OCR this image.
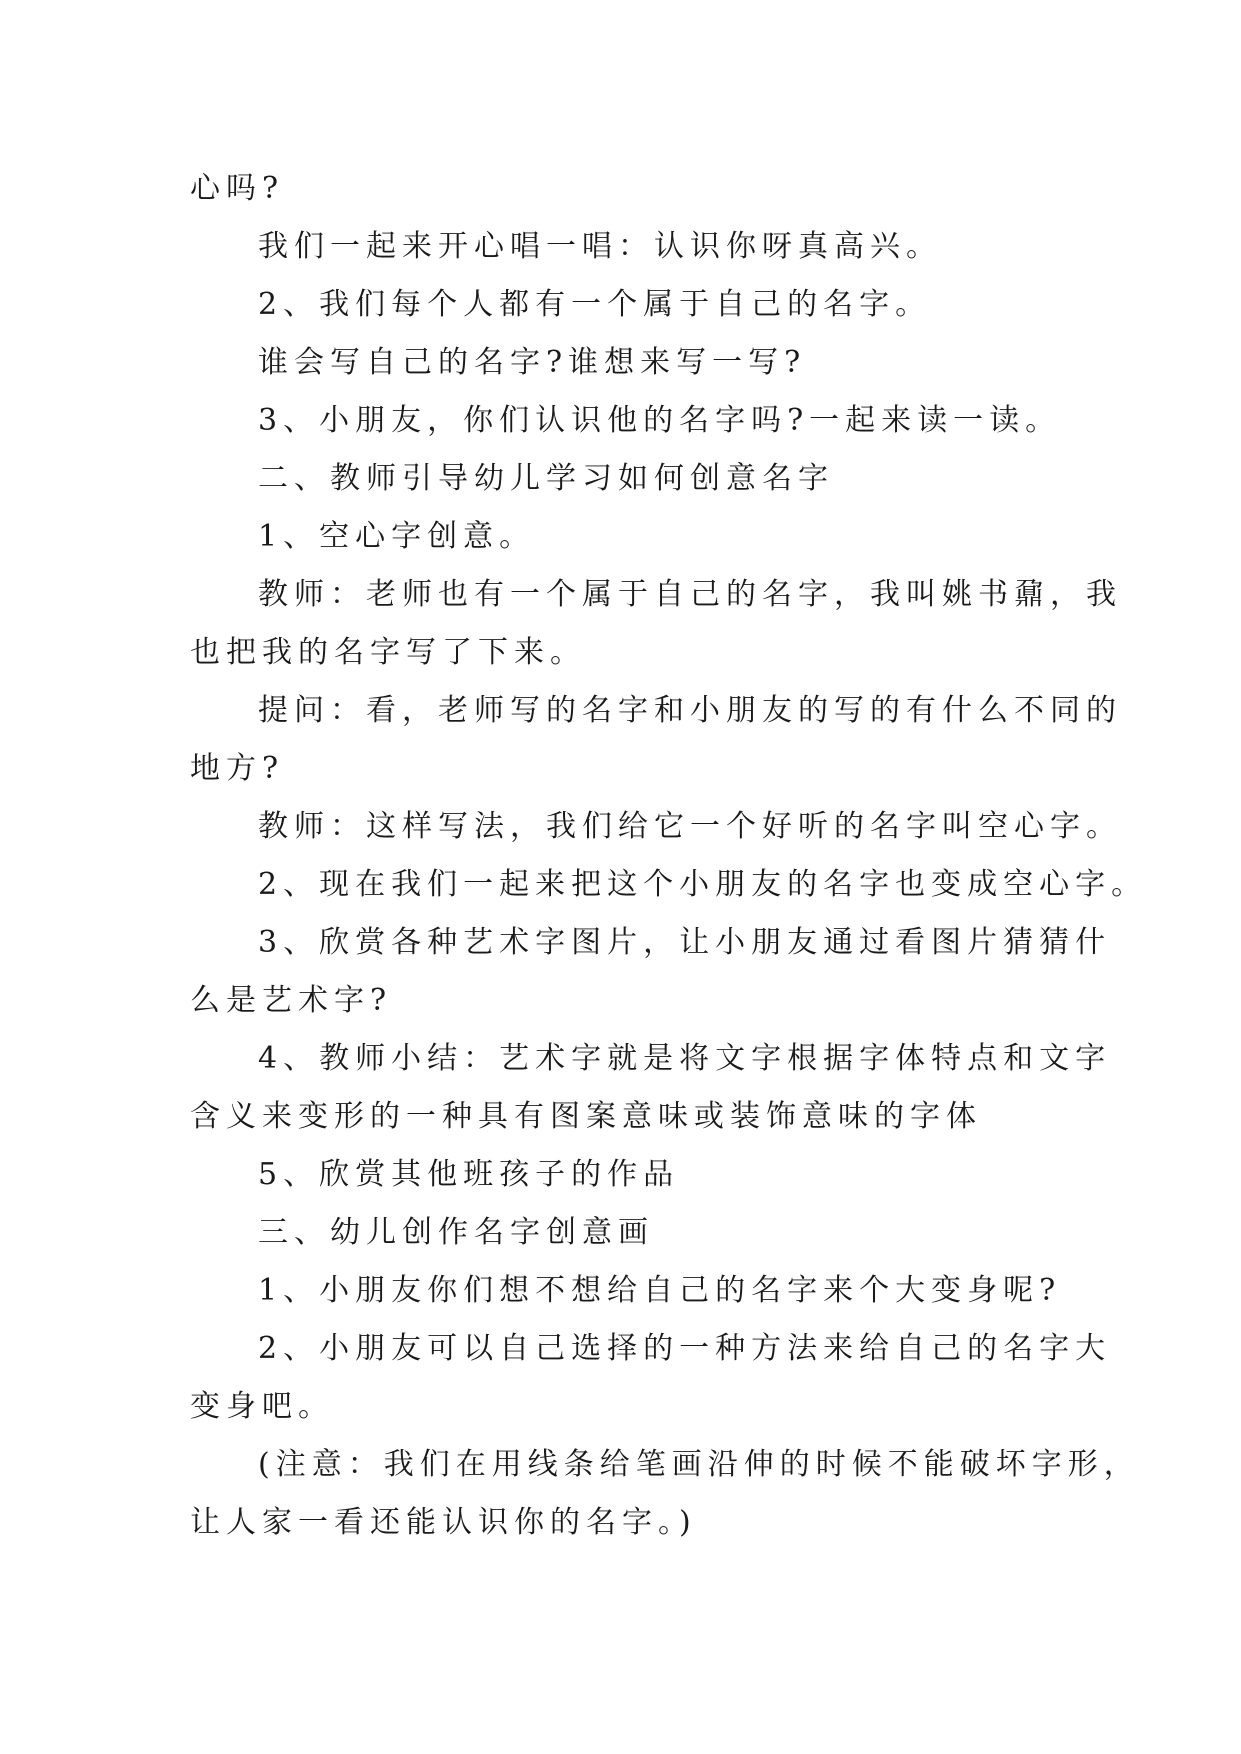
心吗?
我们一起来开心唱一唱：认识你呀真高兴。
2、我们每个人都有一个属于自己的名字。
谁会写自己的名字?谁想来写一写?
3、小朋友，你们认识他的名字吗?一起来读一读。
二、教师引导幼儿学习如何创意名字
1、空心字创意。
教师：老师也有一个属于自己的名字，我叫姚书鼐，我
也把我的名字写了下来。
提问：看，老师写的名字和小朋友的写的有什么不同的
地方?
教师：这样写法，我们给它一个好听的名字叫空心字。
2、现在我们一起来把这个小朋友的名字也变成空心字。
3、欣赏各种艺术字图片，让小朋友通过看图片猜猜什
么是艺术字?
4、教师小结：艺术字就是将文字根据字体特点和文字
含义来变形的一种具有图案意味或装饰意味的字体
5、欣赏其他班孩子的作品
三、幼儿创作名字创意画
1、小朋友你们想不想给自己的名字来个大变身呢?
2、小朋友可以自己选择的一种方法来给自己的名字大
变身吧。
(注意：我们在用线条给笔画沿伸的时候不能破坏字形，
让人家一看还能认识你的名字。)
